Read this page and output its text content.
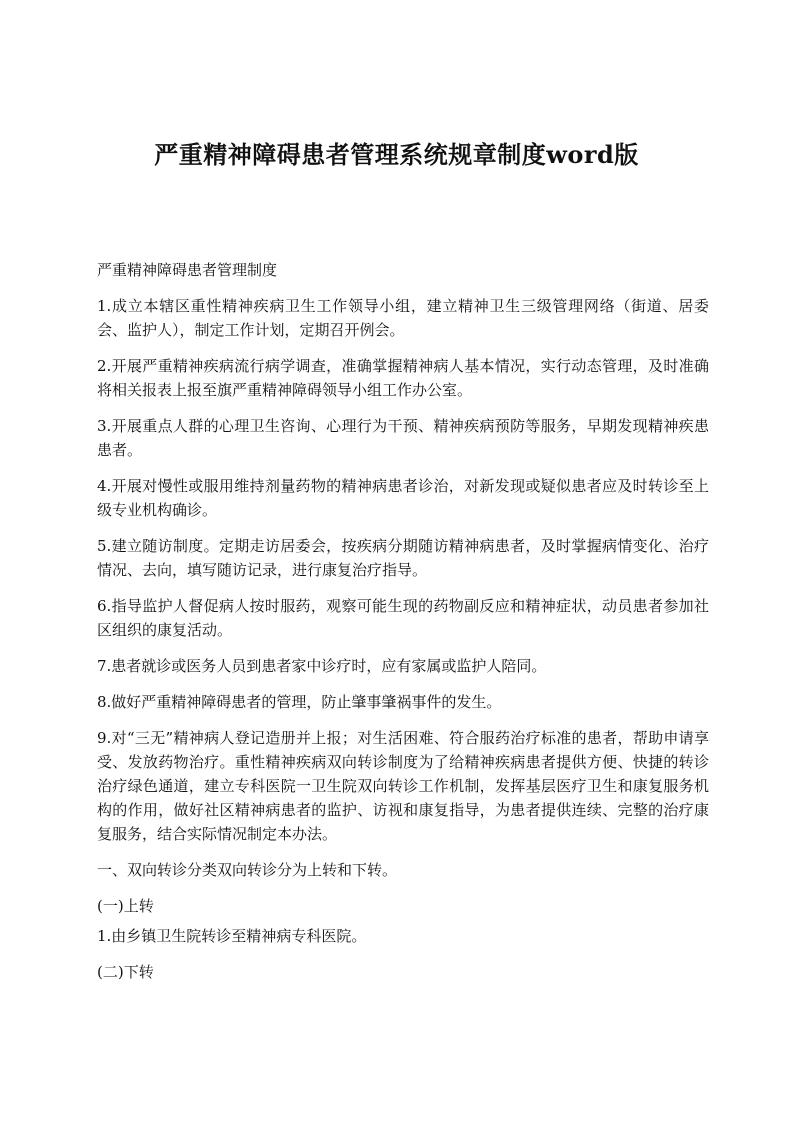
严重精神障碍患者管理系统规章制度word版

严重精神障碍患者管理制度

1.成立本辖区重性精神疾病卫生工作领导小组，建立精神卫生三级管理网络（街道、居委会、监护人），制定工作计划，定期召开例会。

2.开展严重精神疾病流行病学调查，准确掌握精神病人基本情况，实行动态管理，及时准确将相关报表上报至旗严重精神障碍领导小组工作办公室。

3.开展重点人群的心理卫生咨询、心理行为干预、精神疾病预防等服务，早期发现精神疾患患者。

4.开展对慢性或服用维持剂量药物的精神病患者诊治，对新发现或疑似患者应及时转诊至上级专业机构确诊。

5.建立随访制度。定期走访居委会，按疾病分期随访精神病患者，及时掌握病情变化、治疗情况、去向，填写随访记录，进行康复治疗指导。

6.指导监护人督促病人按时服药，观察可能生现的药物副反应和精神症状，动员患者参加社区组织的康复活动。

7.患者就诊或医务人员到患者家中诊疗时，应有家属或监护人陪同。

8.做好严重精神障碍患者的管理，防止肇事肇祸事件的发生。

9.对“三无”精神病人登记造册并上报；对生活困难、符合服药治疗标准的患者，帮助申请享受、发放药物治疗。重性精神疾病双向转诊制度为了给精神疾病患者提供方便、快捷的转诊治疗绿色通道，建立专科医院一卫生院双向转诊工作机制，发挥基层医疗卫生和康复服务机构的作用，做好社区精神病患者的监护、访视和康复指导，为患者提供连续、完整的治疗康复服务，结合实际情况制定本办法。

一、双向转诊分类双向转诊分为上转和下转。

(一)上转

1.由乡镇卫生院转诊至精神病专科医院。

(二)下转
